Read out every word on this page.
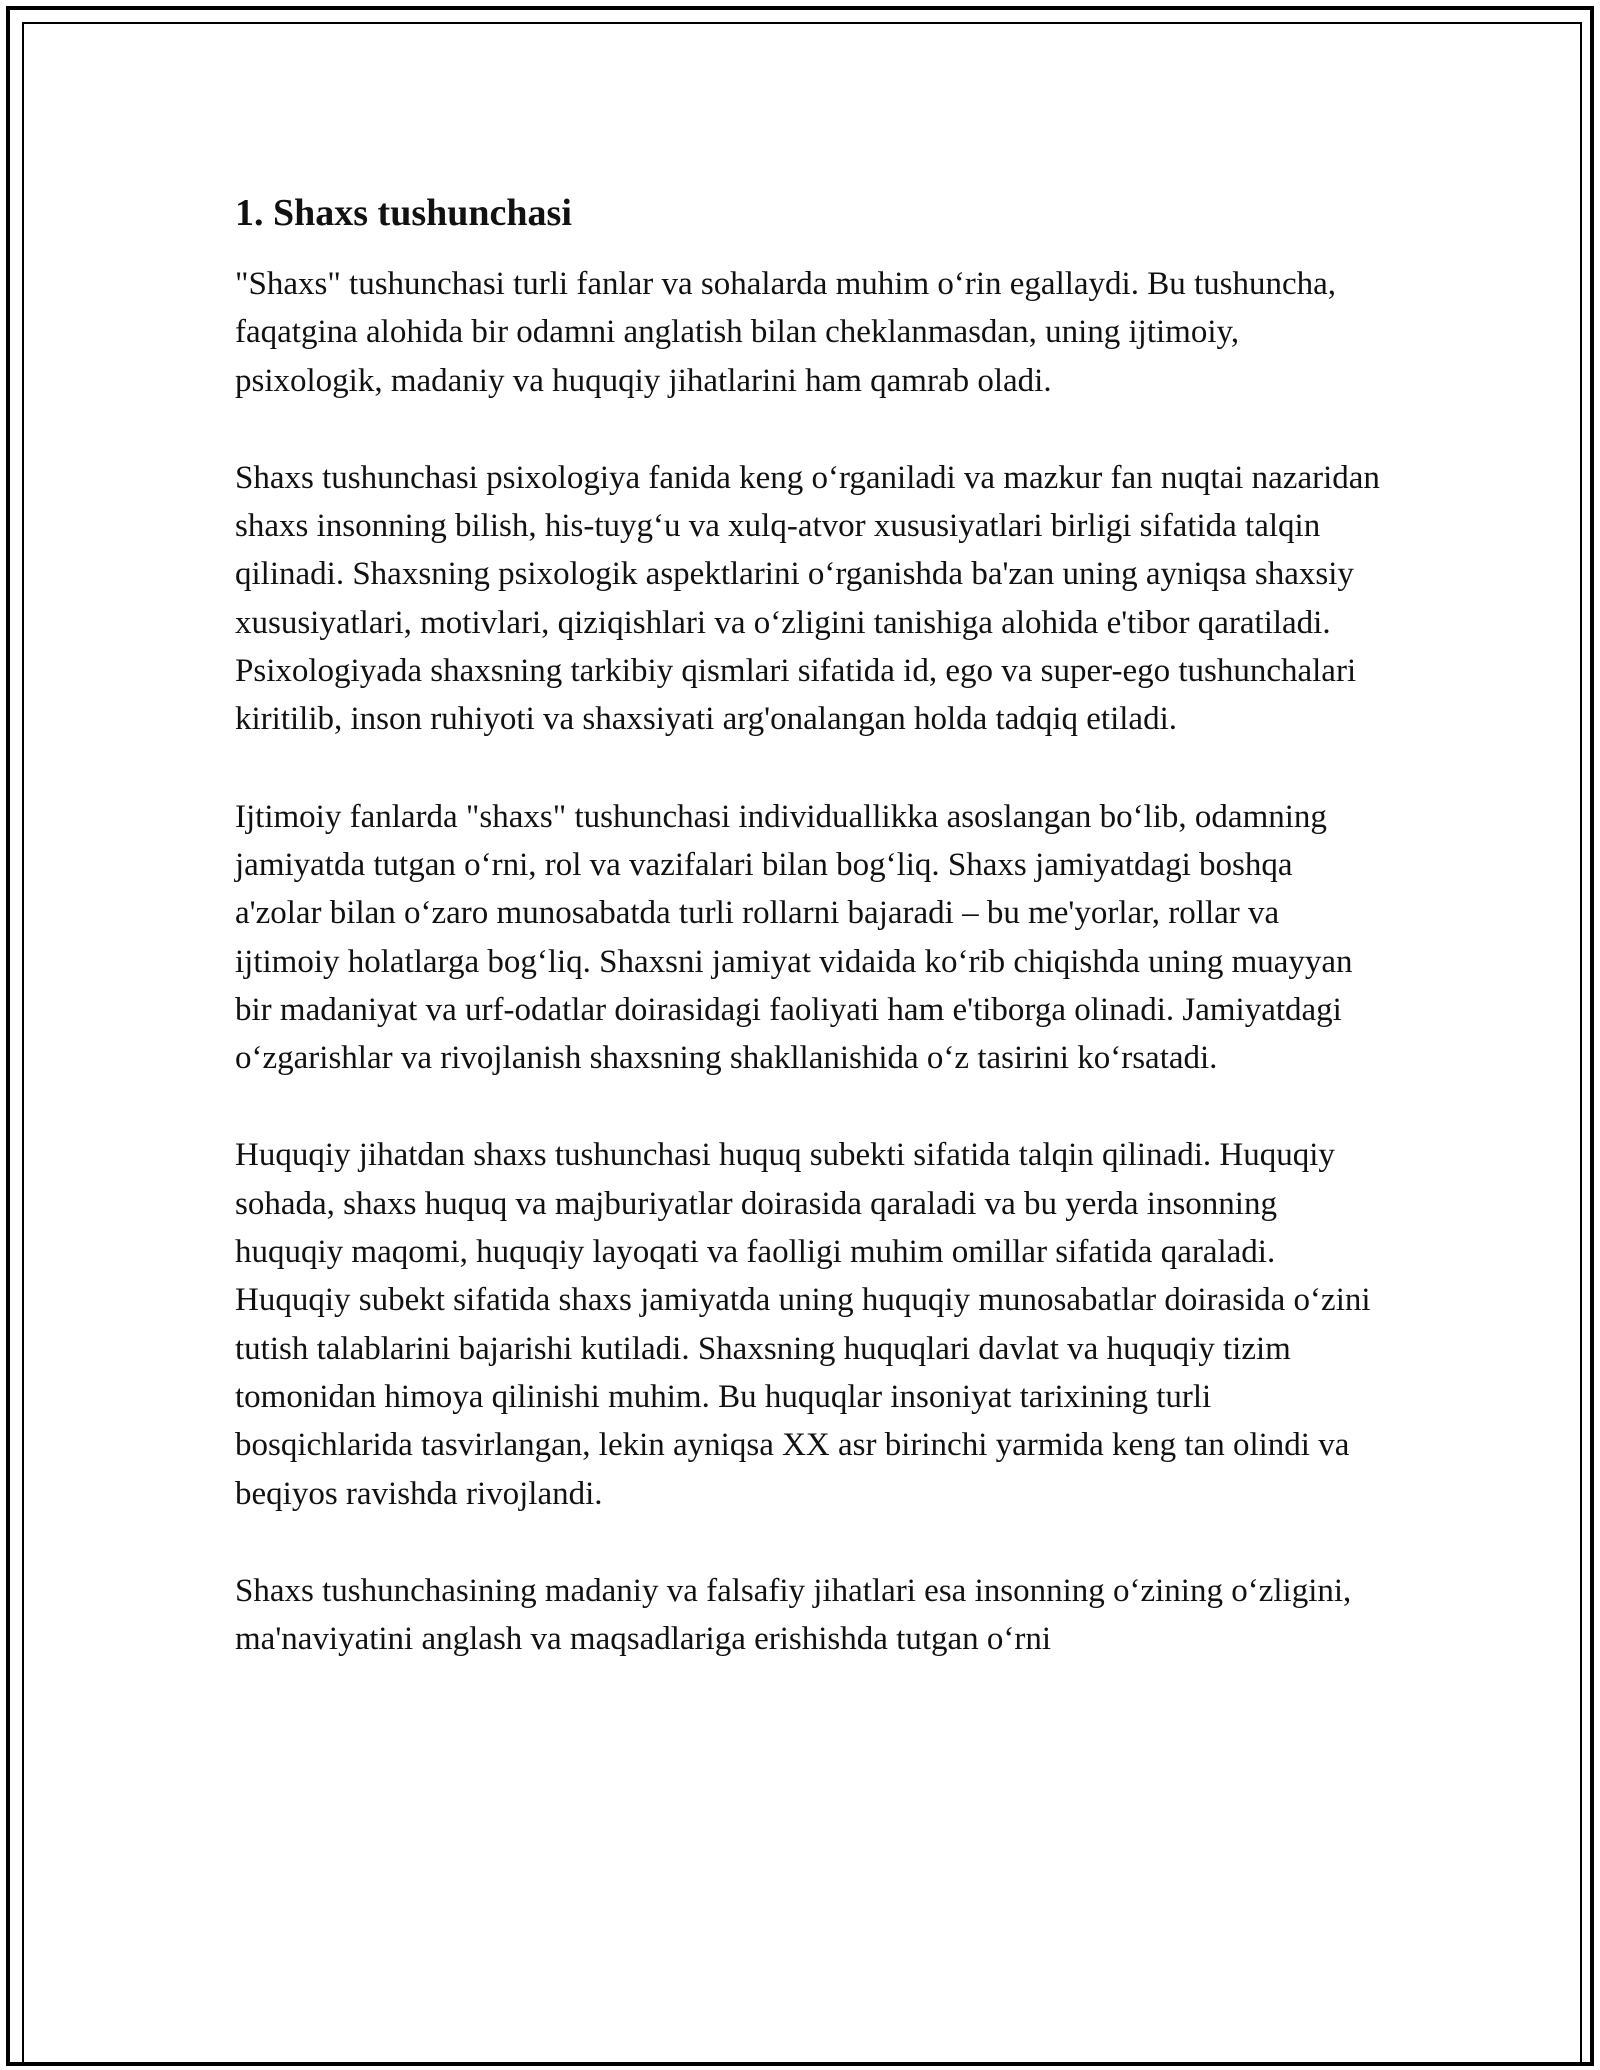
1. Shaxs tushunchasi

"Shaxs" tushunchasi turli fanlar va sohalarda muhim o‘rin egallaydi. Bu tushuncha, faqatgina alohida bir odamni anglatish bilan cheklanmasdan, uning ijtimoiy, psixologik, madaniy va huquqiy jihatlarini ham qamrab oladi.

Shaxs tushunchasi psixologiya fanida keng o‘rganiladi va mazkur fan nuqtai nazaridan shaxs insonning bilish, his-tuyg‘u va xulq-atvor xususiyatlari birligi sifatida talqin qilinadi. Shaxsning psixologik aspektlarini o‘rganishda ba'zan uning ayniqsa shaxsiy xususiyatlari, motivlari, qiziqishlari va o‘zligini tanishiga alohida e'tibor qaratiladi. Psixologiyada shaxsning tarkibiy qismlari sifatida id, ego va super-ego tushunchalari kiritilib, inson ruhiyoti va shaxsiyati arg'onalangan holda tadqiq etiladi.

Ijtimoiy fanlarda "shaxs" tushunchasi individuallikka asoslangan bo‘lib, odamning jamiyatda tutgan o‘rni, rol va vazifalari bilan bog‘liq. Shaxs jamiyatdagi boshqa a'zolar bilan o‘zaro munosabatda turli rollarni bajaradi – bu me'yorlar, rollar va ijtimoiy holatlarga bog‘liq. Shaxsni jamiyat vidaida ko‘rib chiqishda uning muayyan bir madaniyat va urf-odatlar doirasidagi faoliyati ham e'tiborga olinadi. Jamiyatdagi o‘zgarishlar va rivojlanish shaxsning shakllanishida o‘z tasirini ko‘rsatadi.

Huquqiy jihatdan shaxs tushunchasi huquq subekti sifatida talqin qilinadi. Huquqiy sohada, shaxs huquq va majburiyatlar doirasida qaraladi va bu yerda insonning huquqiy maqomi, huquqiy layoqati va faolligi muhim omillar sifatida qaraladi. Huquqiy subekt sifatida shaxs jamiyatda uning huquqiy munosabatlar doirasida o‘zini tutish talablarini bajarishi kutiladi. Shaxsning huquqlari davlat va huquqiy tizim tomonidan himoya qilinishi muhim. Bu huquqlar insoniyat tarixining turli bosqichlarida tasvirlangan, lekin ayniqsa XX asr birinchi yarmida keng tan olindi va beqiyos ravishda rivojlandi.

Shaxs tushunchasining madaniy va falsafiy jihatlari esa insonning o‘zining o‘zligini, ma'naviyatini anglash va maqsadlariga erishishda tutgan o‘rni
